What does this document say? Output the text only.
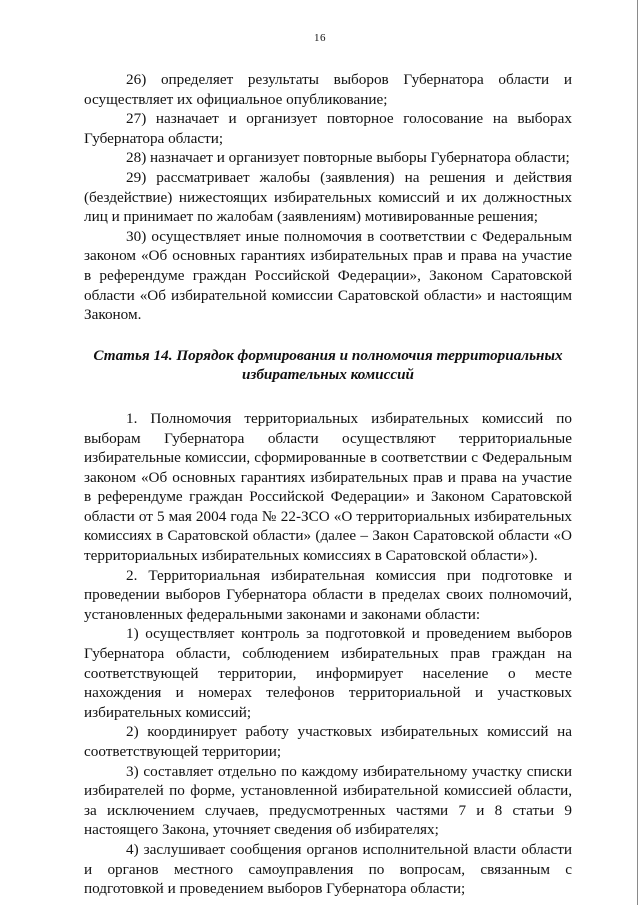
16

26) определяет результаты выборов Губернатора области и осуществляет их официальное опубликование;

27) назначает и организует повторное голосование на выборах Губернатора области;

28) назначает и организует повторные выборы Губернатора области;

29) рассматривает жалобы (заявления) на решения и действия (бездействие) нижестоящих избирательных комиссий и их должностных лиц и принимает по жалобам (заявлениям) мотивированные решения;

30) осуществляет иные полномочия в соответствии с Федеральным законом «Об основных гарантиях избирательных прав и права на участие в референдуме граждан Российской Федерации», Законом Саратовской области «Об избирательной комиссии Саратовской области» и настоящим Законом.

Статья 14. Порядок формирования и полномочия территориальных избирательных комиссий

1. Полномочия территориальных избирательных комиссий по выборам Губернатора области осуществляют территориальные избирательные комиссии, сформированные в соответствии с Федеральным законом «Об основных гарантиях избирательных прав и права на участие в референдуме граждан Российской Федерации» и Законом Саратовской области от 5 мая 2004 года № 22-ЗСО «О территориальных избирательных комиссиях в Саратовской области» (далее – Закон Саратовской области «О территориальных избирательных комиссиях в Саратовской области»).

2. Территориальная избирательная комиссия при подготовке и проведении выборов Губернатора области в пределах своих полномочий, установленных федеральными законами и законами области:

1) осуществляет контроль за подготовкой и проведением выборов Губернатора области, соблюдением избирательных прав граждан на соответствующей территории, информирует население о месте нахождения и номерах телефонов территориальной и участковых избирательных комиссий;

2) координирует работу участковых избирательных комиссий на соответствующей территории;

3) составляет отдельно по каждому избирательному участку списки избирателей по форме, установленной избирательной комиссией области, за исключением случаев, предусмотренных частями 7 и 8 статьи 9 настоящего Закона, уточняет сведения об избирателях;

4) заслушивает сообщения органов исполнительной власти области и органов местного самоуправления по вопросам, связанным с подготовкой и проведением выборов Губернатора области;
